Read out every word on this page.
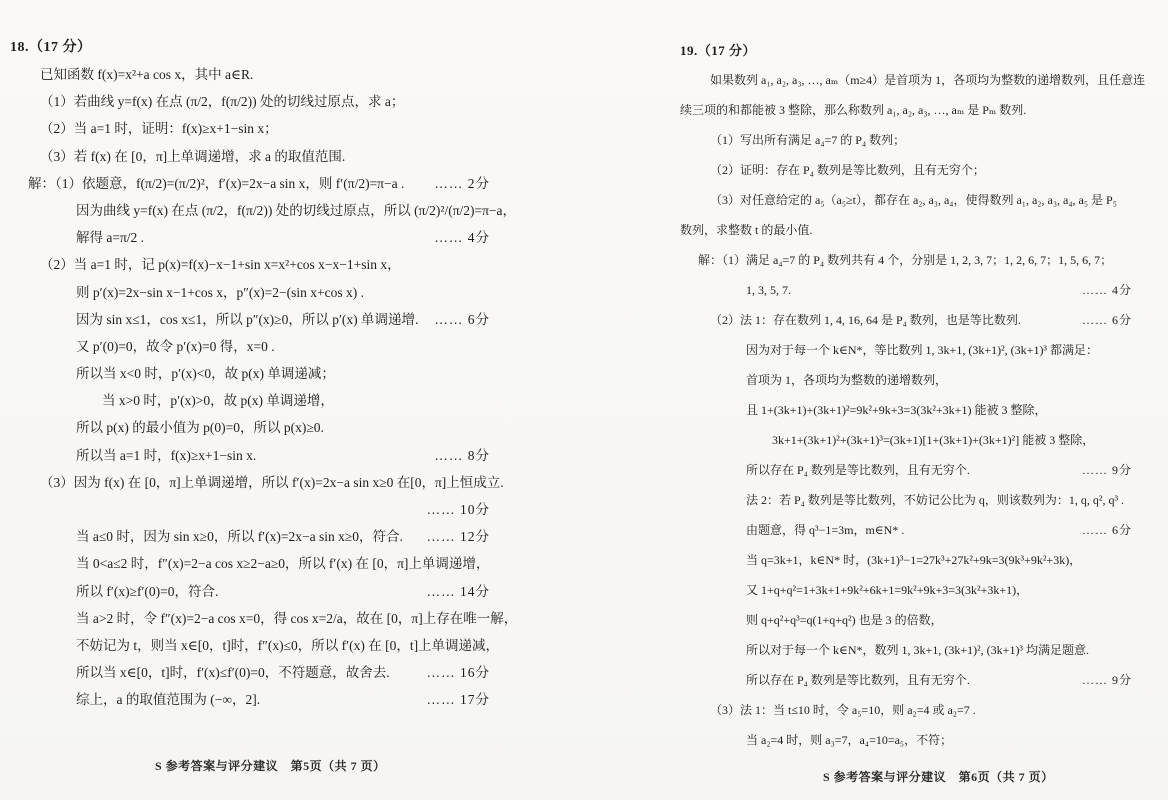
18.（17 分）
已知函数 f(x)=x²+a cos x，其中 a∈R.
（1）若曲线 y=f(x) 在点 (π/2，f(π/2)) 处的切线过原点，求 a；
（2）当 a=1 时，证明：f(x)≥x+1−sin x；
（3）若 f(x) 在 [0，π]上单调递增，求 a 的取值范围.
解：（1）依题意，f(π/2)=(π/2)²，f′(x)=2x−a sin x，则 f′(π/2)=π−a .	…… 2分
因为曲线 y=f(x) 在点 (π/2，f(π/2)) 处的切线过原点，所以 (π/2)²/(π/2)=π−a，
解得 a=π/2 .	…… 4分
（2）当 a=1 时，记 p(x)=f(x)−x−1+sin x=x²+cos x−x−1+sin x，
则 p′(x)=2x−sin x−1+cos x，p″(x)=2−(sin x+cos x) .
因为 sin x≤1，cos x≤1，所以 p″(x)≥0，所以 p′(x) 单调递增.	…… 6分
又 p′(0)=0，故令 p′(x)=0 得，x=0 .
所以当 x<0 时，p′(x)<0，故 p(x) 单调递减；
当 x>0 时，p′(x)>0，故 p(x) 单调递增，
所以 p(x) 的最小值为 p(0)=0，所以 p(x)≥0.
所以当 a=1 时，f(x)≥x+1−sin x.	…… 8分
（3）因为 f(x) 在 [0，π]上单调递增，所以 f′(x)=2x−a sin x≥0 在[0，π]上恒成立.
…… 10分
当 a≤0 时，因为 sin x≥0，所以 f′(x)=2x−a sin x≥0，符合.	…… 12分
当 0<a≤2 时，f″(x)=2−a cos x≥2−a≥0，所以 f′(x) 在 [0，π]上单调递增，
所以 f′(x)≥f′(0)=0，符合.	…… 14分
当 a>2 时，令 f″(x)=2−a cos x=0，得 cos x=2/a，故在 [0，π]上存在唯一解，
不妨记为 t，则当 x∈[0，t]时，f″(x)≤0，所以 f′(x) 在 [0，t]上单调递减，
所以当 x∈[0，t]时，f′(x)≤f′(0)=0，不符题意，故舍去.	…… 16分
综上，a 的取值范围为 (−∞，2].	…… 17分
19.（17 分）
如果数列 a₁, a₂, a₃, …, aₘ（m≥4）是首项为 1，各项均为整数的递增数列，且任意连
续三项的和都能被 3 整除，那么称数列 a₁, a₂, a₃, …, aₘ 是 Pₘ 数列.
（1）写出所有满足 a₄=7 的 P₄ 数列；
（2）证明：存在 P₄ 数列是等比数列，且有无穷个；
（3）对任意给定的 a₅（a₅≥t），都存在 a₂, a₃, a₄，使得数列 a₁, a₂, a₃, a₄, a₅ 是 P₅
数列，求整数 t 的最小值.
解：（1）满足 a₄=7 的 P₄ 数列共有 4 个，分别是 1, 2, 3, 7；1, 2, 6, 7；1, 5, 6, 7；
1, 3, 5, 7.	…… 4分
（2）法 1：存在数列 1, 4, 16, 64 是 P₄ 数列，也是等比数列.	…… 6分
因为对于每一个 k∈N*，等比数列 1, 3k+1, (3k+1)², (3k+1)³ 都满足：
首项为 1，各项均为整数的递增数列，
且 1+(3k+1)+(3k+1)²=9k²+9k+3=3(3k²+3k+1) 能被 3 整除，
3k+1+(3k+1)²+(3k+1)³=(3k+1)[1+(3k+1)+(3k+1)²] 能被 3 整除，
所以存在 P₄ 数列是等比数列，且有无穷个.	…… 9分
法 2：若 P₄ 数列是等比数列，不妨记公比为 q，则该数列为：1, q, q², q³ .
由题意，得 q³−1=3m，m∈N* .	…… 6分
当 q=3k+1，k∈N* 时，(3k+1)³−1=27k³+27k²+9k=3(9k³+9k²+3k)，
又 1+q+q²=1+3k+1+9k²+6k+1=9k²+9k+3=3(3k²+3k+1)，
则 q+q²+q³=q(1+q+q²) 也是 3 的倍数，
所以对于每一个 k∈N*，数列 1, 3k+1, (3k+1)², (3k+1)³ 均满足题意.
所以存在 P₄ 数列是等比数列，且有无穷个.	…… 9分
（3）法 1：当 t≤10 时，令 a₅=10，则 a₂=4 或 a₂=7 .
当 a₂=4 时，则 a₃=7，a₄=10=a₅，不符；
S 参考答案与评分建议　第5页（共 7 页）
S 参考答案与评分建议　第6页（共 7 页）
